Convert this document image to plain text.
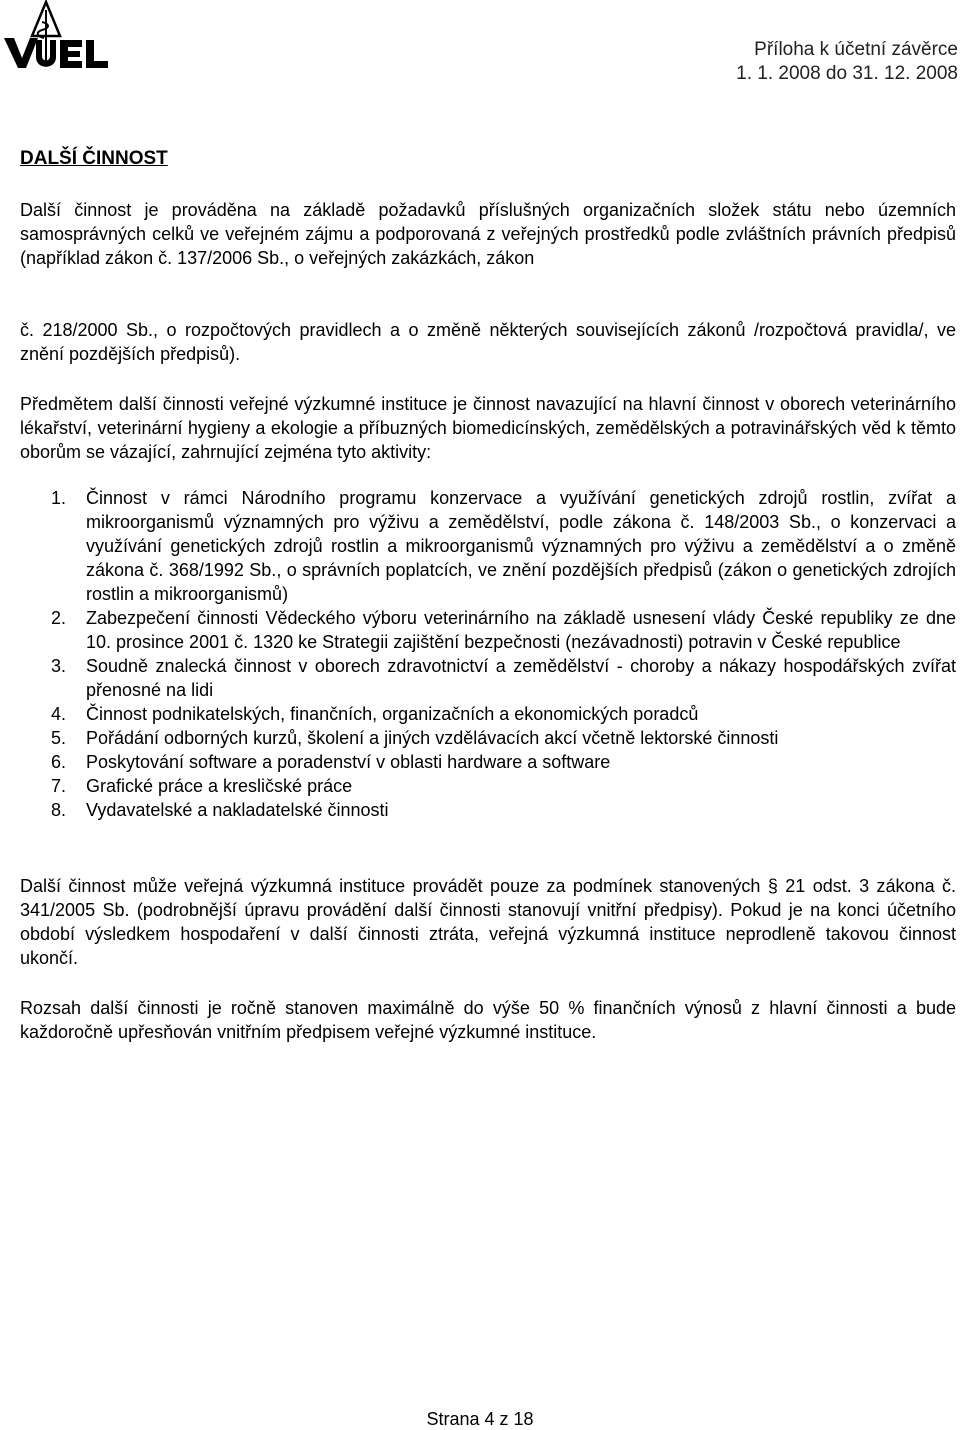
Příloha k účetní závěrce
1. 1. 2008 do 31. 12. 2008
DALŠÍ ČINNOST

Další činnost je prováděna na základě požadavků příslušných organizačních složek státu nebo územních samosprávných celků ve veřejném zájmu a podporovaná z veřejných prostředků podle zvláštních právních předpisů (například zákon č. 137/2006 Sb., o veřejných zakázkách, zákon

č. 218/2000 Sb., o rozpočtových pravidlech a o změně některých souvisejících zákonů /rozpočtová pravidla/, ve znění pozdějších předpisů).

Předmětem další činnosti veřejné výzkumné instituce je činnost navazující na hlavní činnost v oborech veterinárního lékařství, veterinární hygieny a ekologie a příbuzných biomedicínských, zemědělských a potravinářských věd k těmto oborům se vázající, zahrnující zejména tyto aktivity:

1. Činnost v rámci Národního programu konzervace a využívání genetických zdrojů rostlin, zvířat a mikroorganismů významných pro výživu a zemědělství, podle zákona č. 148/2003 Sb., o konzervaci a využívání genetických zdrojů rostlin a mikroorganismů významných pro výživu a zemědělství a o změně zákona č. 368/1992 Sb., o správních poplatcích, ve znění pozdějších předpisů (zákon o genetických zdrojích rostlin a mikroorganismů)
2. Zabezpečení činnosti Vědeckého výboru veterinárního na základě usnesení vlády České republiky ze dne 10. prosince 2001 č. 1320 ke Strategii zajištění bezpečnosti (nezávadnosti) potravin v České republice
3. Soudně znalecká činnost v oborech zdravotnictví a zemědělství - choroby a nákazy hospodářských zvířat přenosné na lidi
4. Činnost podnikatelských, finančních, organizačních a ekonomických poradců
5. Pořádání odborných kurzů, školení a jiných vzdělávacích akcí včetně lektorské činnosti
6. Poskytování software a poradenství v oblasti hardware a software
7. Grafické práce a kresličské práce
8. Vydavatelské a nakladatelské činnosti

Další činnost může veřejná výzkumná instituce provádět pouze za podmínek stanovených § 21 odst. 3 zákona č. 341/2005 Sb. (podrobnější úpravu provádění další činnosti stanovují vnitřní předpisy). Pokud je na konci účetního období výsledkem hospodaření v další činnosti ztráta, veřejná výzkumná instituce neprodleně takovou činnost ukončí.

Rozsah další činnosti je ročně stanoven maximálně do výše 50 % finančních výnosů z hlavní činnosti a bude každoročně upřesňován vnitřním předpisem veřejné výzkumné instituce.

Strana 4 z 18
